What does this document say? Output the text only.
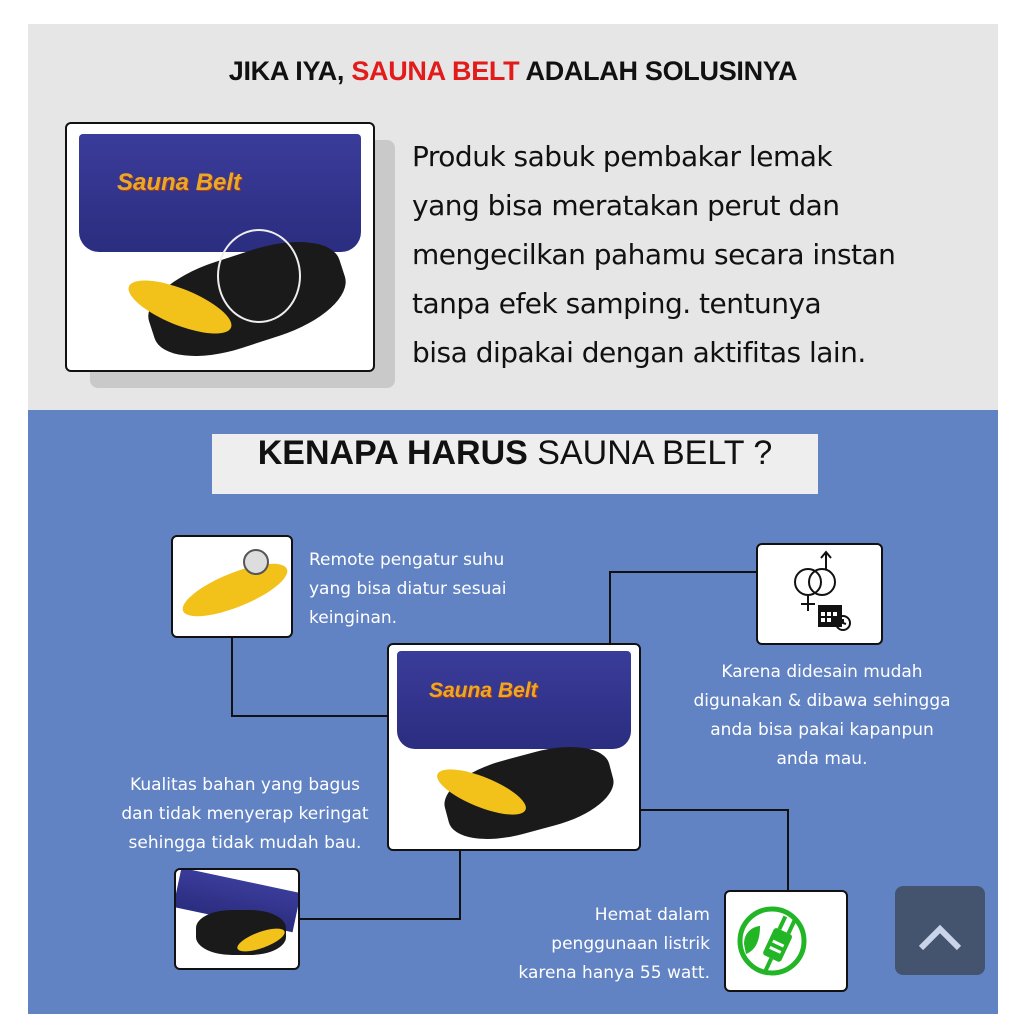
JIKA IYA, SAUNA BELT ADALAH SOLUSINYA
Sauna Belt
Produk sabuk pembakar lemak
yang bisa meratakan perut dan
mengecilkan pahamu secara instan
tanpa efek samping. tentunya
bisa dipakai dengan aktifitas lain.
KENAPA HARUS SAUNA BELT ?
Remote pengatur suhu
yang bisa diatur sesuai
keinginan.
Karena didesain mudah
digunakan & dibawa sehingga
anda bisa pakai kapanpun
anda mau.
Sauna Belt
Kualitas bahan yang bagus
dan tidak menyerap keringat
sehingga tidak mudah bau.
Hemat dalam
penggunaan listrik
karena hanya 55 watt.
